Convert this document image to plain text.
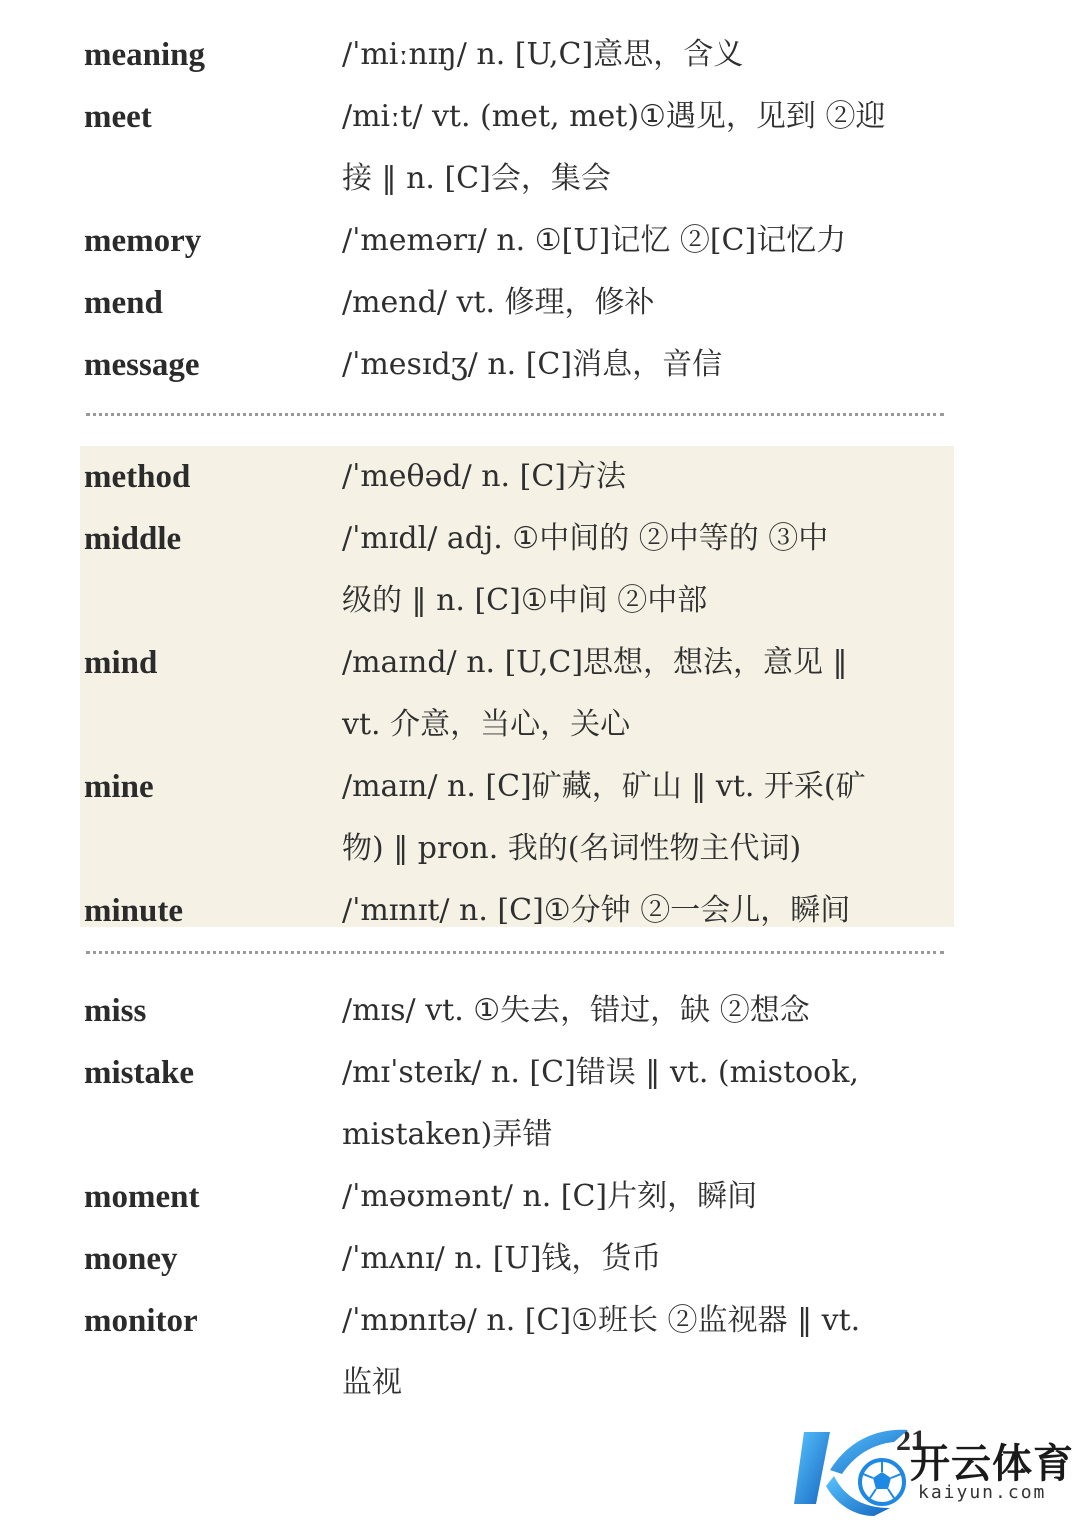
meaning	/ˈmiːnɪŋ/ n. [U,C]意思，含义
meet	/miːt/ vt. (met, met)①遇见，见到 ②迎
接 ‖ n. [C]会，集会
memory	/ˈmemərɪ/ n. ①[U]记忆 ②[C]记忆力
mend	/mend/ vt. 修理，修补
message	/ˈmesɪdʒ/ n. [C]消息，音信
method	/ˈmeθəd/ n. [C]方法
middle	/ˈmɪdl/ adj. ①中间的 ②中等的 ③中
级的 ‖ n. [C]①中间 ②中部
mind	/maɪnd/ n. [U,C]思想，想法，意见 ‖
vt. 介意，当心，关心
mine	/maɪn/ n. [C]矿藏，矿山 ‖ vt. 开采(矿
物) ‖ pron. 我的(名词性物主代词)
minute	/ˈmɪnɪt/ n. [C]①分钟 ②一会儿，瞬间
miss	/mɪs/ vt. ①失去，错过，缺 ②想念
mistake	/mɪˈsteɪk/ n. [C]错误 ‖ vt. (mistook,
mistaken)弄错
moment	/ˈməʊmənt/ n. [C]片刻，瞬间
money	/ˈmʌnɪ/ n. [U]钱，货币
monitor	/ˈmɒnɪtə/ n. [C]①班长 ②监视器 ‖ vt.
监视
21
开云体育
kaiyun.com
